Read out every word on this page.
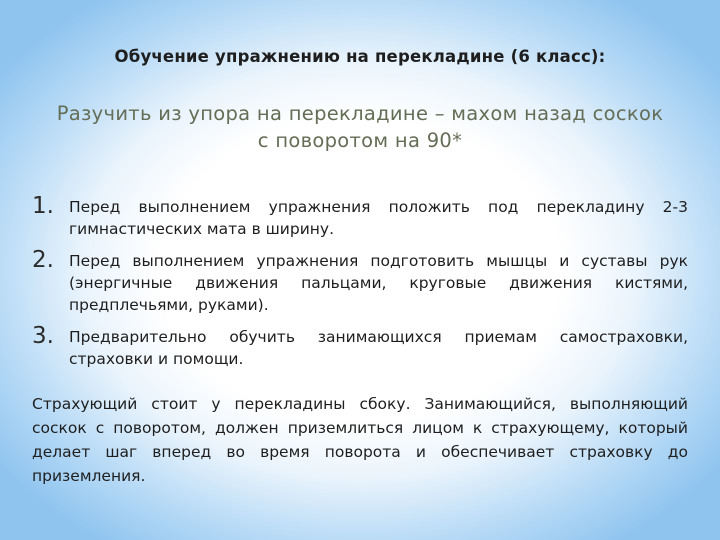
Обучение упражнению на перекладине (6 класс):
Разучить из упора на перекладине – махом назад соскок
с поворотом на 90*
1. Перед выполнением упражнения положить под перекладину 2-3 гимнастических мата в ширину.
2. Перед выполнением упражнения подготовить мышцы и суставы рук (энергичные движения пальцами, круговые движения кистями, предплечьями, руками).
3. Предварительно обучить занимающихся приемам самостраховки, страховки и помощи.
Страхующий стоит у перекладины сбоку. Занимающийся, выполняющий соскок с поворотом, должен приземлиться лицом к страхующему, который делает шаг вперед во время поворота и обеспечивает страховку до приземления.
